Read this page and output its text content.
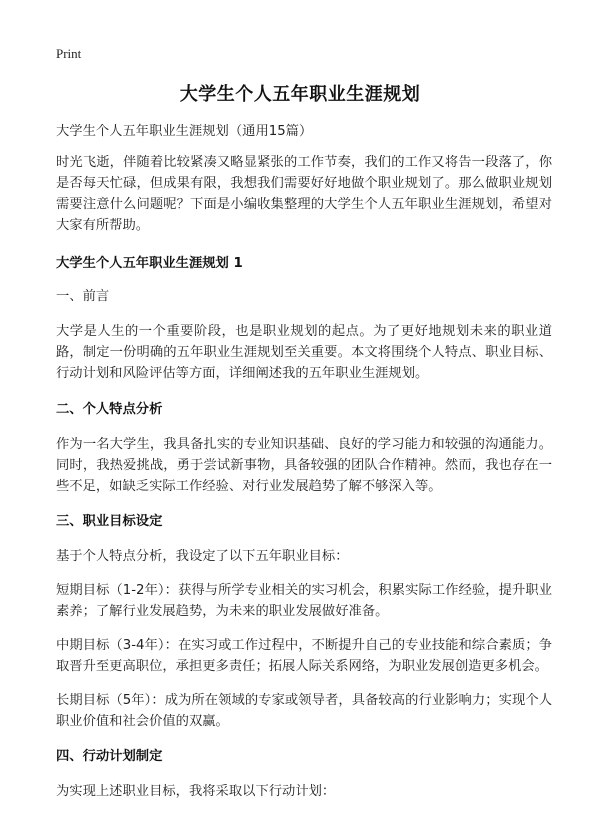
Print
大学生个人五年职业生涯规划

大学生个人五年职业生涯规划（通用15篇）

时光飞逝，伴随着比较紧凑又略显紧张的工作节奏，我们的工作又将告一段落了，你是否每天忙碌，但成果有限，我想我们需要好好地做个职业规划了。那么做职业规划需要注意什么问题呢？下面是小编收集整理的大学生个人五年职业生涯规划，希望对大家有所帮助。

大学生个人五年职业生涯规划 1

一、前言

大学是人生的一个重要阶段，也是职业规划的起点。为了更好地规划未来的职业道路，制定一份明确的五年职业生涯规划至关重要。本文将围绕个人特点、职业目标、行动计划和风险评估等方面，详细阐述我的五年职业生涯规划。

二、个人特点分析

作为一名大学生，我具备扎实的专业知识基础、良好的学习能力和较强的沟通能力。同时，我热爱挑战，勇于尝试新事物，具备较强的团队合作精神。然而，我也存在一些不足，如缺乏实际工作经验、对行业发展趋势了解不够深入等。

三、职业目标设定

基于个人特点分析，我设定了以下五年职业目标：

短期目标（1-2年）：获得与所学专业相关的实习机会，积累实际工作经验，提升职业素养；了解行业发展趋势，为未来的职业发展做好准备。

中期目标（3-4年）：在实习或工作过程中，不断提升自己的专业技能和综合素质；争取晋升至更高职位，承担更多责任；拓展人际关系网络，为职业发展创造更多机会。

长期目标（5年）：成为所在领域的专家或领导者，具备较高的行业影响力；实现个人职业价值和社会价值的双赢。

四、行动计划制定

为实现上述职业目标，我将采取以下行动计划：
